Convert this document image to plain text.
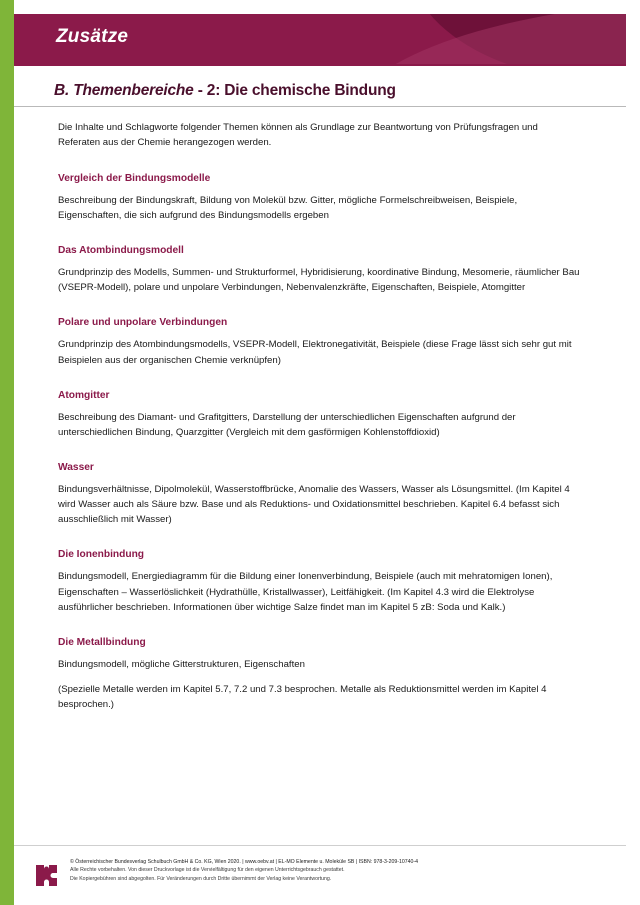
Zusätze
B. Themenbereiche - 2: Die chemische Bindung
Die Inhalte und Schlagworte folgender Themen können als Grundlage zur Beantwortung von Prüfungsfragen und Referaten aus der Chemie herangezogen werden.
Vergleich der Bindungsmodelle
Beschreibung der Bindungskraft, Bildung von Molekül bzw. Gitter, mögliche Formelschreibweisen, Beispiele, Eigenschaften, die sich aufgrund des Bindungsmodells ergeben
Das Atombindungsmodell
Grundprinzip des Modells, Summen- und Strukturformel, Hybridisierung, koordinative Bindung, Mesomerie, räumlicher Bau (VSEPR-Modell), polare und unpolare Verbindungen, Nebenvalenzkräfte, Eigenschaften, Beispiele, Atomgitter
Polare und unpolare Verbindungen
Grundprinzip des Atombindungsmodells, VSEPR-Modell, Elektronegativität, Beispiele (diese Frage lässt sich sehr gut mit Beispielen aus der organischen Chemie verknüpfen)
Atomgitter
Beschreibung des Diamant- und Grafitgitters, Darstellung der unterschiedlichen Eigenschaften aufgrund der unterschiedlichen Bindung, Quarzgitter (Vergleich mit dem gasförmigen Kohlenstoffdioxid)
Wasser
Bindungsverhältnisse, Dipolmolekül, Wasserstoffbrücke, Anomalie des Wassers, Wasser als Lösungsmittel. (Im Kapitel 4 wird Wasser auch als Säure bzw. Base und als Reduktions- und Oxidationsmittel beschrieben. Kapitel 6.4 befasst sich ausschließlich mit Wasser)
Die Ionenbindung
Bindungsmodell, Energiediagramm für die Bildung einer Ionenverbindung, Beispiele (auch mit mehratomigen Ionen), Eigenschaften – Wasserlöslichkeit (Hydrathülle, Kristallwasser), Leitfähigkeit. (Im Kapitel 4.3 wird die Elektrolyse ausführlicher beschrieben. Informationen über wichtige Salze findet man im Kapitel 5 zB: Soda und Kalk.)
Die Metallbindung
Bindungsmodell, mögliche Gitterstrukturen, Eigenschaften
(Spezielle Metalle werden im Kapitel 5.7, 7.2 und 7.3 besprochen. Metalle als Reduktionsmittel werden im Kapitel 4 besprochen.)
© Österreichischer Bundesverlag Schulbuch GmbH & Co. KG, Wien 2020. | www.oebv.at | EL-MO Elemente u. Moleküle SB | ISBN: 978-3-209-10740-4
Alle Rechte vorbehalten. Von dieser Druckvorlage ist die Vervielfältigung für den eigenen Unterrichtsgebrauch gestattet.
Die Kopiergebühren sind abgegolten. Für Veränderungen durch Dritte übernimmt der Verlag keine Verantwortung.
